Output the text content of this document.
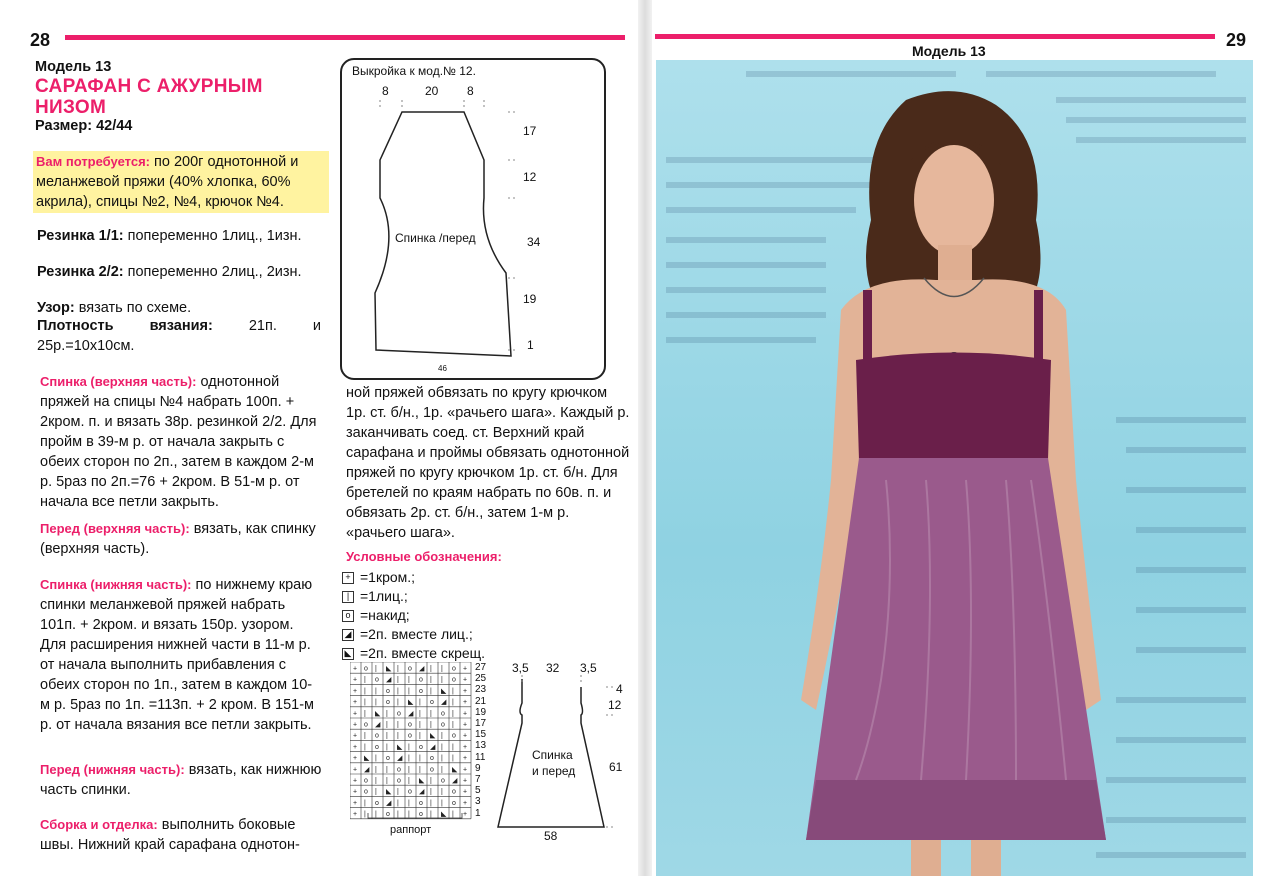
28
Модель 13
САРАФАН С АЖУРНЫМ
НИЗОМ
Размер: 42/44
Вам потребуется: по 200г однотонной и меланжевой пряжи (40% хлопка, 60% акрила), спицы №2, №4, крючок №4.
Резинка 1/1: попеременно 1лиц., 1изн.
Резинка 2/2: попеременно 2лиц., 2изн.
Узор: вязать по схеме.
Плотность вязания: 21п. и 25р.=10х10см.
Спинка (верхняя часть): однотонной пряжей на спицы №4 набрать 100п. + 2кром. п. и вязать 38р. резинкой 2/2. Для пройм в 39-м р. от начала закрыть с обеих сторон по 2п., затем в каждом 2-м р. 5раз по 2п.=76 + 2кром. В 51-м р. от начала все петли закрыть.
Перед (верхняя часть): вязать, как спинку (верхняя часть).
Спинка (нижняя часть): по нижнему краю спинки меланжевой пряжей набрать 101п. + 2кром. и вязать 150р. узором. Для расширения нижней части в 11-м р. от начала выполнить прибавления с обеих сторон по 1п., затем в каждом 10-м р. 5раз по 1п. =113п. + 2 кром. В 151-м р. от начала вязания все петли закрыть.
Перед (нижняя часть): вязать, как нижнюю часть спинки.
Сборка и отделка: выполнить боковые швы. Нижний край сарафана однотон-
Выкройка к мод.№ 12.
8	20 8
17
12
34
19
1
Спинка /перед
46
ной пряжей обвязать по кругу крючком 1р. ст. б/н., 1р. «рачьего шага». Каждый р. заканчивать соед. ст. Верхний край сарафана и проймы обвязать однотонной пряжей по кругу крючком 1р. ст. б/н. Для бретелей по краям набрать по 60в. п. и обвязать 2р. ст. б/н., затем 1-м р. «рачьего шага».
Условные обозначения:
+ =1кром.;
| =1лиц.;
o =накид;
◢ =2п. вместе лиц.;
◣ =2п. вместе скрещ.
+ o | ◣ | o ◢ | | o +
+ | o ◢ | | o | | o +
+ | | o | | o | ◣ | +
+ | | o | ◣ | o ◢ | +
+ | ◣ | o ◢ | | o | +
+ o ◢ | | o | | o | +
+ | o | | o | ◣ | o +
+ | o | ◣ | o ◢ | | +
+ ◣ | o ◢ | | o | | +
+ ◢ | | o | | o | ◣ +
+ o | | o | ◣ | o ◢ +
+ o | ◣ | o ◢ | | o +
+ | o ◢ | | o | | o +
+ | | o | | o | ◣ | +
27
25
23
21
19
17
15
13
11
9
7
5
3
1
раппорт
3,5 32 3,5
4
12
61
Спинка
и перед
58
29
Модель 13
